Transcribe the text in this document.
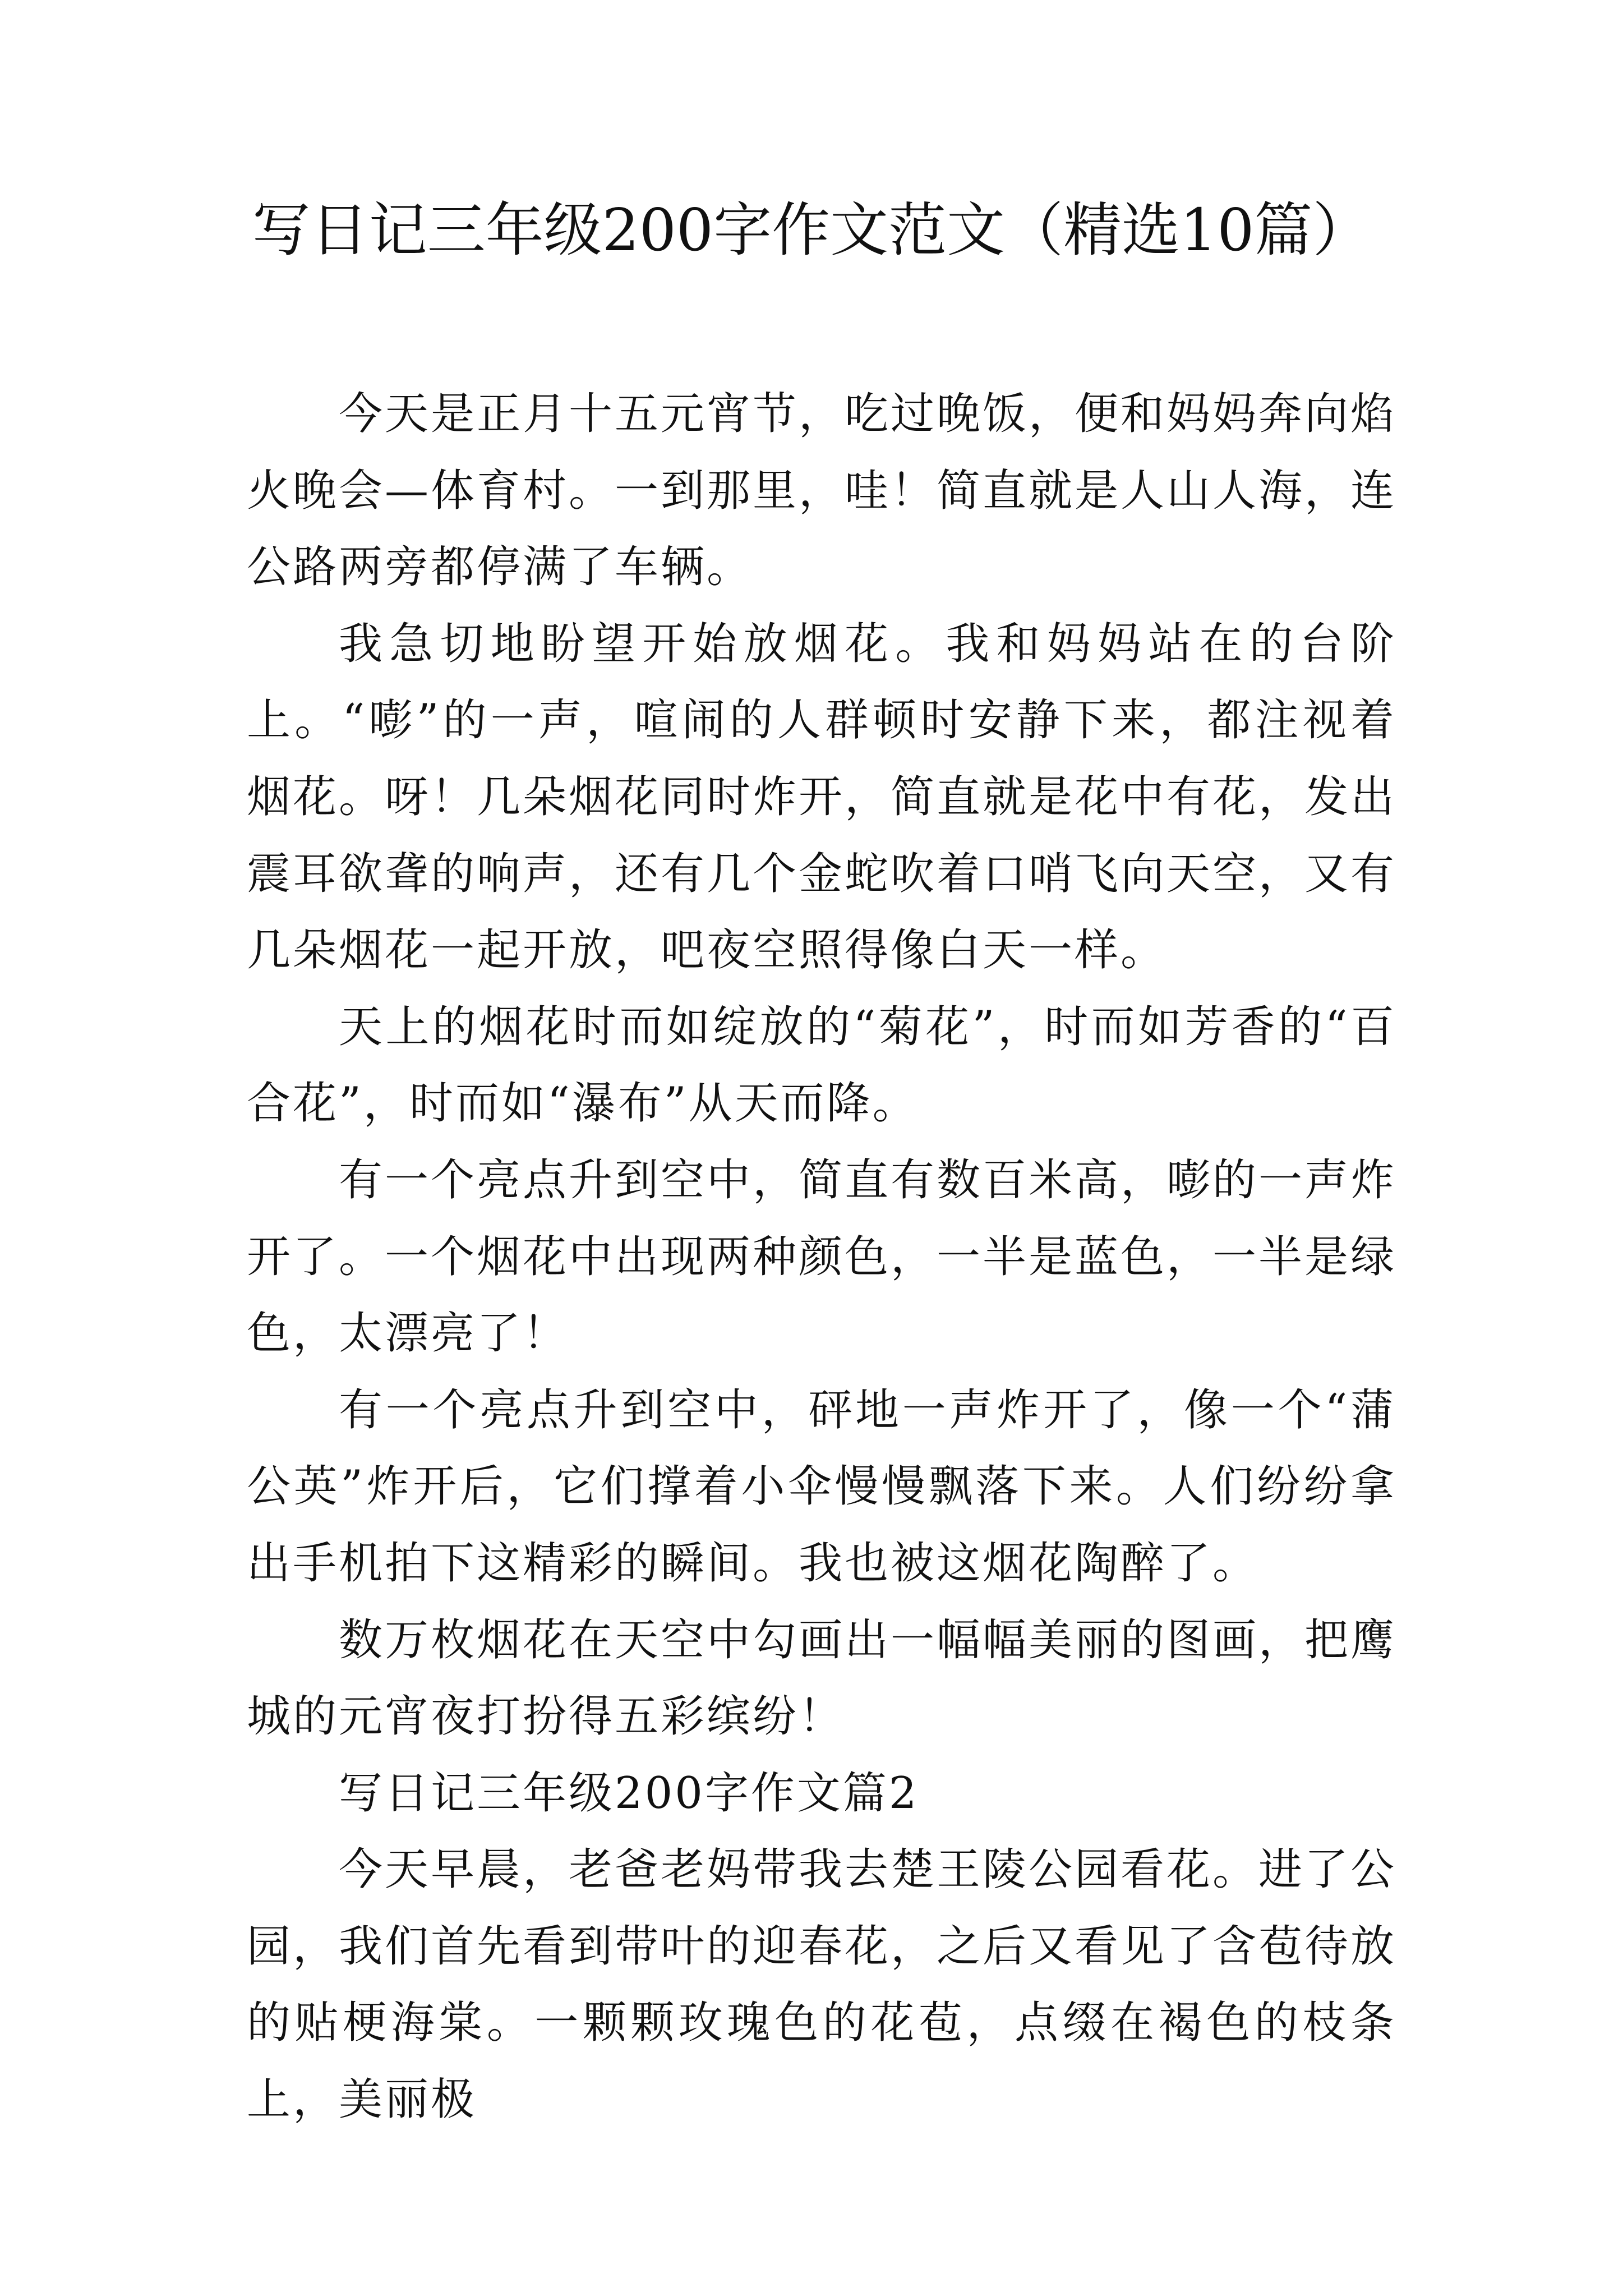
写日记三年级200字作文范文（精选10篇）

今天是正月十五元宵节，吃过晚饭，便和妈妈奔向焰火晚会—体育村。一到那里，哇！简直就是人山人海，连公路两旁都停满了车辆。

我急切地盼望开始放烟花。我和妈妈站在的台阶上。“嘭”的一声，喧闹的人群顿时安静下来，都注视着烟花。呀！几朵烟花同时炸开，简直就是花中有花，发出震耳欲聋的响声，还有几个金蛇吹着口哨飞向天空，又有几朵烟花一起开放，吧夜空照得像白天一样。

天上的烟花时而如绽放的“菊花”，时而如芳香的“百合花”，时而如“瀑布”从天而降。

有一个亮点升到空中，简直有数百米高，嘭的一声炸开了。一个烟花中出现两种颜色，一半是蓝色，一半是绿色，太漂亮了！

有一个亮点升到空中，砰地一声炸开了，像一个“蒲公英”炸开后，它们撑着小伞慢慢飘落下来。人们纷纷拿出手机拍下这精彩的瞬间。我也被这烟花陶醉了。

数万枚烟花在天空中勾画出一幅幅美丽的图画，把鹰城的元宵夜打扮得五彩缤纷！

写日记三年级200字作文篇2

今天早晨，老爸老妈带我去楚王陵公园看花。进了公园，我们首先看到带叶的迎春花，之后又看见了含苞待放的贴梗海棠。一颗颗玫瑰色的花苞，点缀在褐色的枝条上，美丽极
